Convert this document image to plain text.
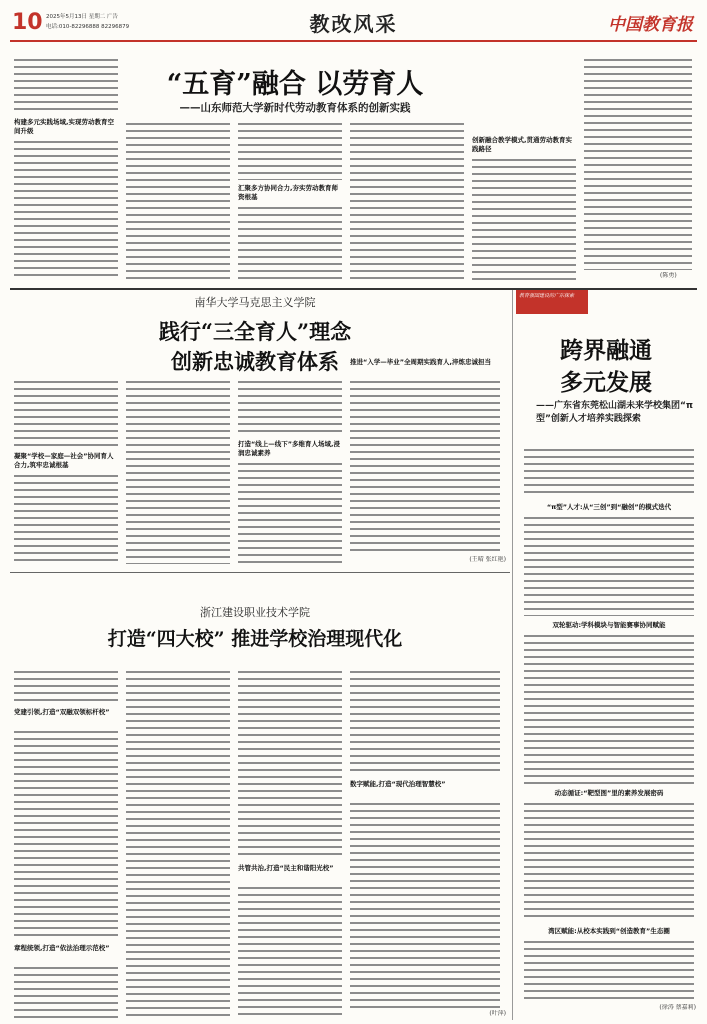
10 2025年5月13日 星期二 广告
电话:010-82296888 82296879	教改风采	中国教育报
构建多元实践场域,实现劳动教育空间升级
“五育”融合 以劳育人
——山东师范大学新时代劳动教育体系的创新实践
汇聚多方协同合力,夯实劳动教育师资根基
创新融合教学模式,贯通劳动教育实践路径
(陈勇)
南华大学马克思主义学院
践行“三全育人”理念
创新忠诚教育体系
凝聚“学校—家庭—社会”协同育人合力,筑牢忠诚根基
打造“线上—线下”多维育人场域,浸润忠诚素养
推进“入学—毕业”全周期实践育人,淬炼忠诚担当
(王晴 张红艳)
教育强国建设的广东探索
跨界融通
多元发展
——广东省东莞松山湖未来学校集团“π型”创新人才培养实践探索
“π型”人才:从“三创”到“融创”的模式迭代
双轮驱动:学科模块与智能赛事协同赋能
动态循证:“靶型图”里的素养发展密码
湾区赋能:从校本实践到“创造教育”生态圈
(徐涛 蔡嘉莉)
浙江建设职业技术学院
打造“四大校” 推进学校治理现代化
党建引领,打造“双融双领标杆校”
章程统领,打造“依法治理示范校”
共管共治,打造“民主和谐阳光校”
数字赋能,打造“现代治理智慧校”
(叶萍)
